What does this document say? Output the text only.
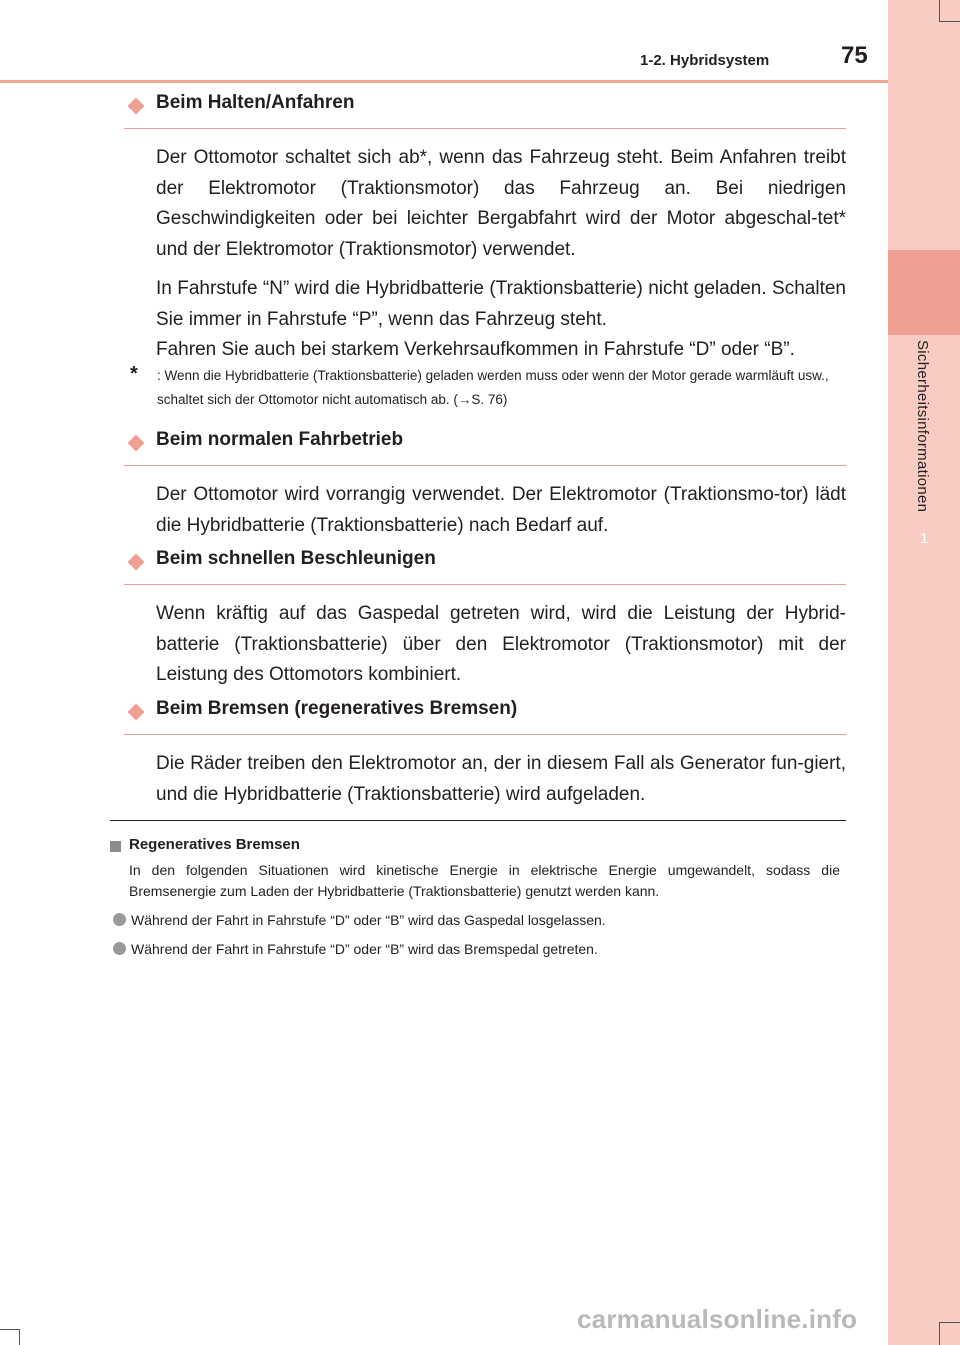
1-2. Hybridsystem	75
1
Sicherheitsinformationen
Beim Halten/Anfahren

Der Ottomotor schaltet sich ab*, wenn das Fahrzeug steht. Beim Anfahren treibt der Elektromotor (Traktionsmotor) das Fahrzeug an. Bei niedrigen Geschwindigkeiten oder bei leichter Bergabfahrt wird der Motor abgeschal-tet* und der Elektromotor (Traktionsmotor) verwendet.

In Fahrstufe “N” wird die Hybridbatterie (Traktionsbatterie) nicht geladen. Schalten Sie immer in Fahrstufe “P”, wenn das Fahrzeug steht.

Fahren Sie auch bei starkem Verkehrsaufkommen in Fahrstufe “D” oder “B”.

*	: Wenn die Hybridbatterie (Traktionsbatterie) geladen werden muss oder wenn der Motor gerade warmläuft usw., schaltet sich der Ottomotor nicht automatisch ab. (→S. 76)

Beim normalen Fahrbetrieb

Der Ottomotor wird vorrangig verwendet. Der Elektromotor (Traktionsmo-tor) lädt die Hybridbatterie (Traktionsbatterie) nach Bedarf auf.

Beim schnellen Beschleunigen

Wenn kräftig auf das Gaspedal getreten wird, wird die Leistung der Hybrid-batterie (Traktionsbatterie) über den Elektromotor (Traktionsmotor) mit der Leistung des Ottomotors kombiniert.

Beim Bremsen (regeneratives Bremsen)

Die Räder treiben den Elektromotor an, der in diesem Fall als Generator fun-giert, und die Hybridbatterie (Traktionsbatterie) wird aufgeladen.

Regeneratives Bremsen

In den folgenden Situationen wird kinetische Energie in elektrische Energie umgewandelt, sodass die Bremsenergie zum Laden der Hybridbatterie (Traktionsbatterie) genutzt werden kann.

Während der Fahrt in Fahrstufe “D” oder “B” wird das Gaspedal losgelassen.
Während der Fahrt in Fahrstufe “D” oder “B” wird das Bremspedal getreten.
carmanualsonline.info
